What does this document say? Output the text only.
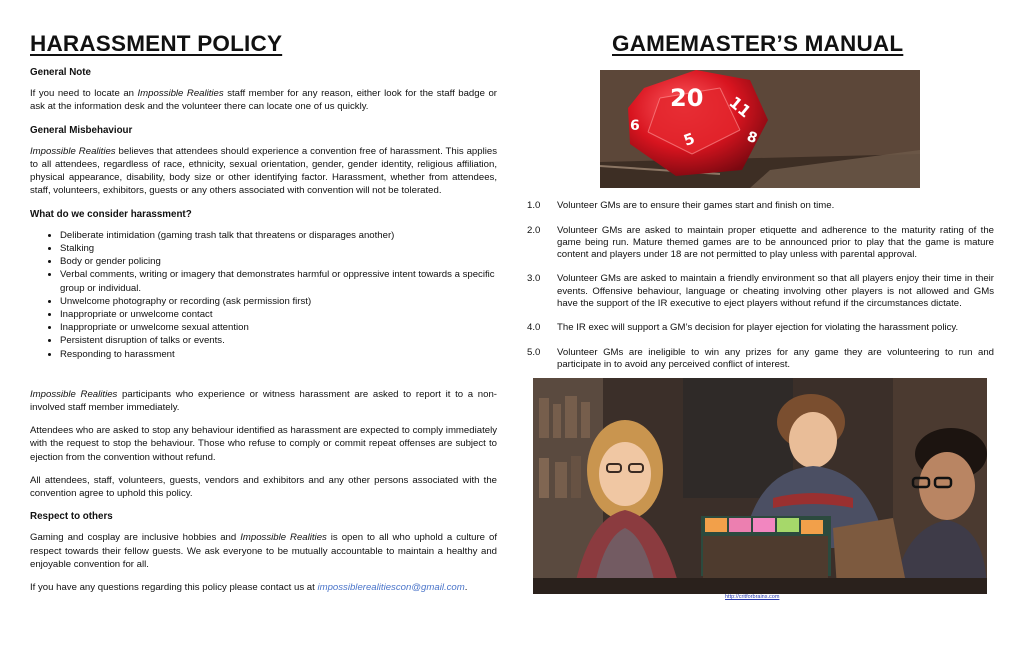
HARASSMENT POLICY
General Note

If you need to locate an Impossible Realities staff member for any reason, either look for the staff badge or ask at the information desk and the volunteer there can locate one of us quickly.

General Misbehaviour

Impossible Realities believes that attendees should experience a convention free of harassment. This applies to all attendees, regardless of race, ethnicity, sexual orientation, gender, gender identity, religious affiliation, physical appearance, disability, body size or other identifying factor. Harassment, whether from attendees, staff, volunteers, exhibitors, guests or any others associated with convention will not be tolerated.

What do we consider harassment?
• Deliberate intimidation (gaming trash talk that threatens or disparages another)
• Stalking
• Body or gender policing
• Verbal comments, writing or imagery that demonstrates harmful or oppressive intent towards a specific group or individual.
• Unwelcome photography or recording (ask permission first)
• Inappropriate or unwelcome contact
• Inappropriate or unwelcome sexual attention
• Persistent disruption of talks or events.
• Responding to harassment

Impossible Realities participants who experience or witness harassment are asked to report it to a non-involved staff member immediately.

Attendees who are asked to stop any behaviour identified as harassment are expected to comply immediately with the request to stop the behaviour. Those who refuse to comply or commit repeat offenses are subject to ejection from the convention without refund.

All attendees, staff, volunteers, guests, vendors and exhibitors and any other persons associated with the convention agree to uphold this policy.

Respect to others

Gaming and cosplay are inclusive hobbies and Impossible Realities is open to all who uphold a culture of respect towards their fellow guests. We ask everyone to be mutually accountable to maintain a healthy and enjoyable convention for all.

If you have any questions regarding this policy please contact us at impossiblerealitiescon@gmail.com.

GAMEMASTER’S MANUAL
20 11
6
8
5
1.0	Volunteer GMs are to ensure their games start and finish on time.
2.0	Volunteer GMs are asked to maintain proper etiquette and adherence to the maturity rating of the game being run. Mature themed games are to be announced prior to play that the game is mature content and players under 18 are not permitted to play unless with parental approval.
3.0	Volunteer GMs are asked to maintain a friendly environment so that all players enjoy their time in their events. Offensive behaviour, language or cheating involving other players is not allowed and GMs have the support of the IR executive to eject players without refund if the circumstances dictate.
4.0	The IR exec will support a GM’s decision for player ejection for violating the harassment policy.
5.0	Volunteer GMs are ineligible to win any prizes for any game they are volunteering to run and participate in to avoid any perceived conflict of interest.
http://critforbrains.com
